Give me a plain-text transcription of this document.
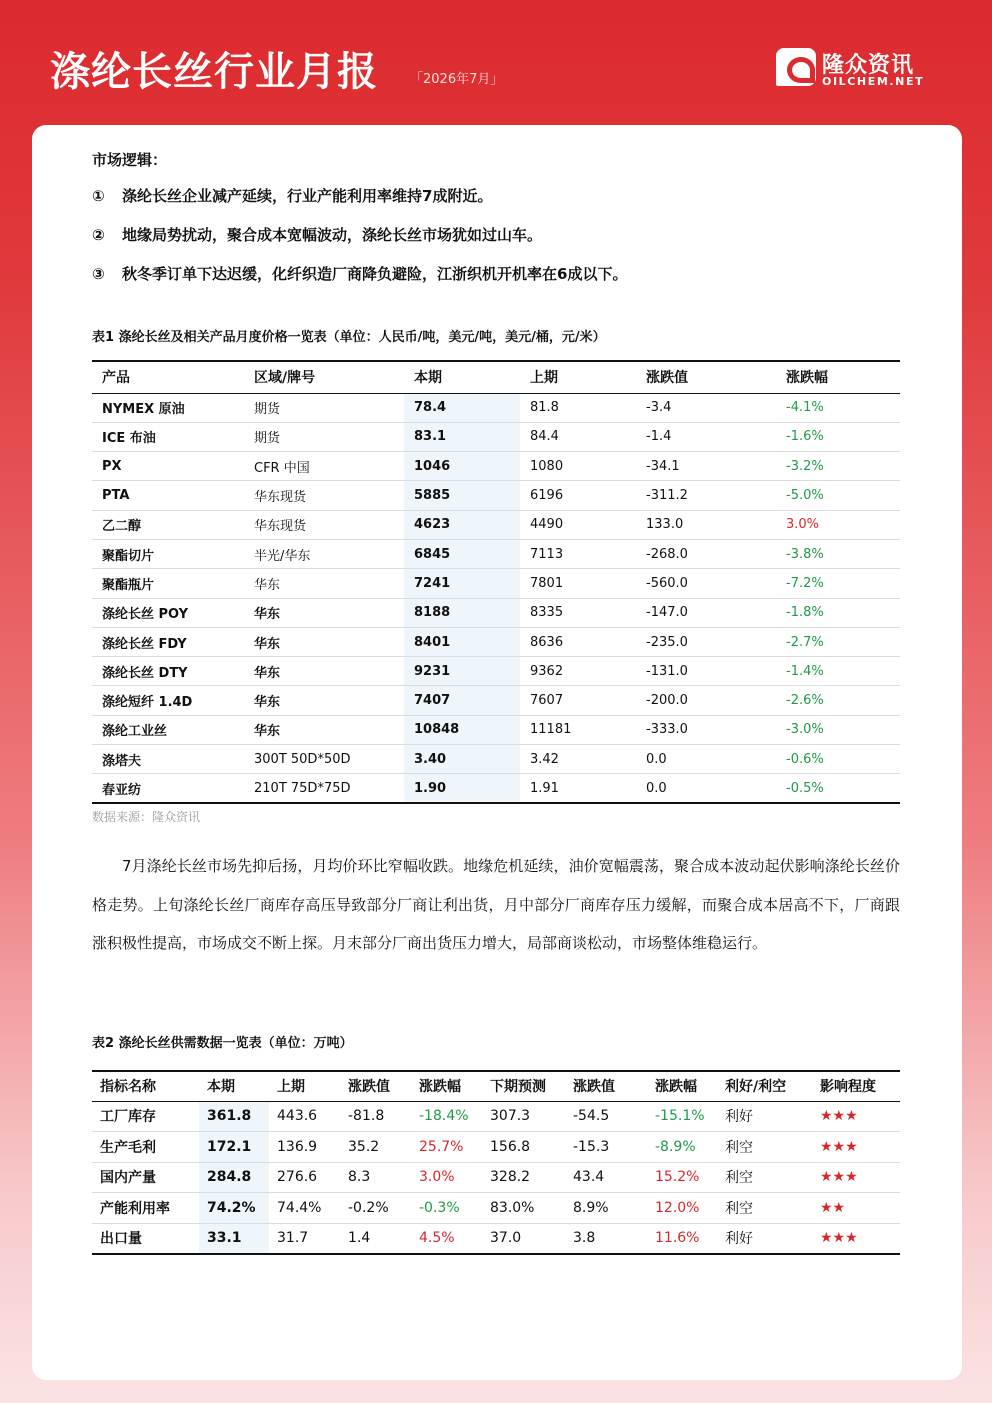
涤纶长丝行业月报 「2026年7月」
隆众资讯
OILCHEM.NET
市场逻辑：
① 涤纶长丝企业减产延续，行业产能利用率维持7成附近。
② 地缘局势扰动，聚合成本宽幅波动，涤纶长丝市场犹如过山车。
③ 秋冬季订单下达迟缓，化纤织造厂商降负避险，江浙织机开机率在6成以下。
表1 涤纶长丝及相关产品月度价格一览表（单位：人民币/吨，美元/吨，美元/桶，元/米）
产品	区域/牌号	本期	上期	涨跌值	涨跌幅
NYMEX 原油	期货	78.4	81.8	-3.4	-4.1%
ICE 布油	期货	83.1	84.4	-1.4	-1.6%
PX	CFR 中国	1046	1080	-34.1	-3.2%
PTA	华东现货	5885	6196	-311.2	-5.0%
乙二醇	华东现货	4623	4490	133.0	3.0%
聚酯切片	半光/华东	6845	7113	-268.0	-3.8%
聚酯瓶片	华东	7241	7801	-560.0	-7.2%
涤纶长丝 POY	华东	8188	8335	-147.0	-1.8%
涤纶长丝 FDY	华东	8401	8636	-235.0	-2.7%
涤纶长丝 DTY	华东	9231	9362	-131.0	-1.4%
涤纶短纤 1.4D	华东	7407	7607	-200.0	-2.6%
涤纶工业丝	华东	10848	11181	-333.0	-3.0%
涤塔夫	300T 50D*50D	3.40	3.42	0.0	-0.6%
春亚纺	210T 75D*75D	1.90	1.91	0.0	-0.5%
数据来源：隆众资讯
7月涤纶长丝市场先抑后扬，月均价环比窄幅收跌。地缘危机延续，油价宽幅震荡，聚合成本波动起伏影响涤纶长丝价格走势。上旬涤纶长丝厂商库存高压导致部分厂商让利出货，月中部分厂商库存压力缓解，而聚合成本居高不下，厂商跟涨积极性提高，市场成交不断上探。月末部分厂商出货压力增大，局部商谈松动，市场整体维稳运行。
表2 涤纶长丝供需数据一览表（单位：万吨）
指标名称	本期	上期	涨跌值	涨跌幅	下期预测	涨跌值	涨跌幅	利好/利空	影响程度
工厂库存	361.8	443.6	-81.8	-18.4%	307.3	-54.5	-15.1%	利好	★★★
生产毛利	172.1	136.9	35.2	25.7%	156.8	-15.3	-8.9%	利空	★★★
国内产量	284.8	276.6	8.3	3.0%	328.2	43.4	15.2%	利空	★★★
产能利用率	74.2%	74.4%	-0.2%	-0.3%	83.0%	8.9%	12.0%	利空	★★
出口量	33.1	31.7	1.4	4.5%	37.0	3.8	11.6%	利好	★★★
